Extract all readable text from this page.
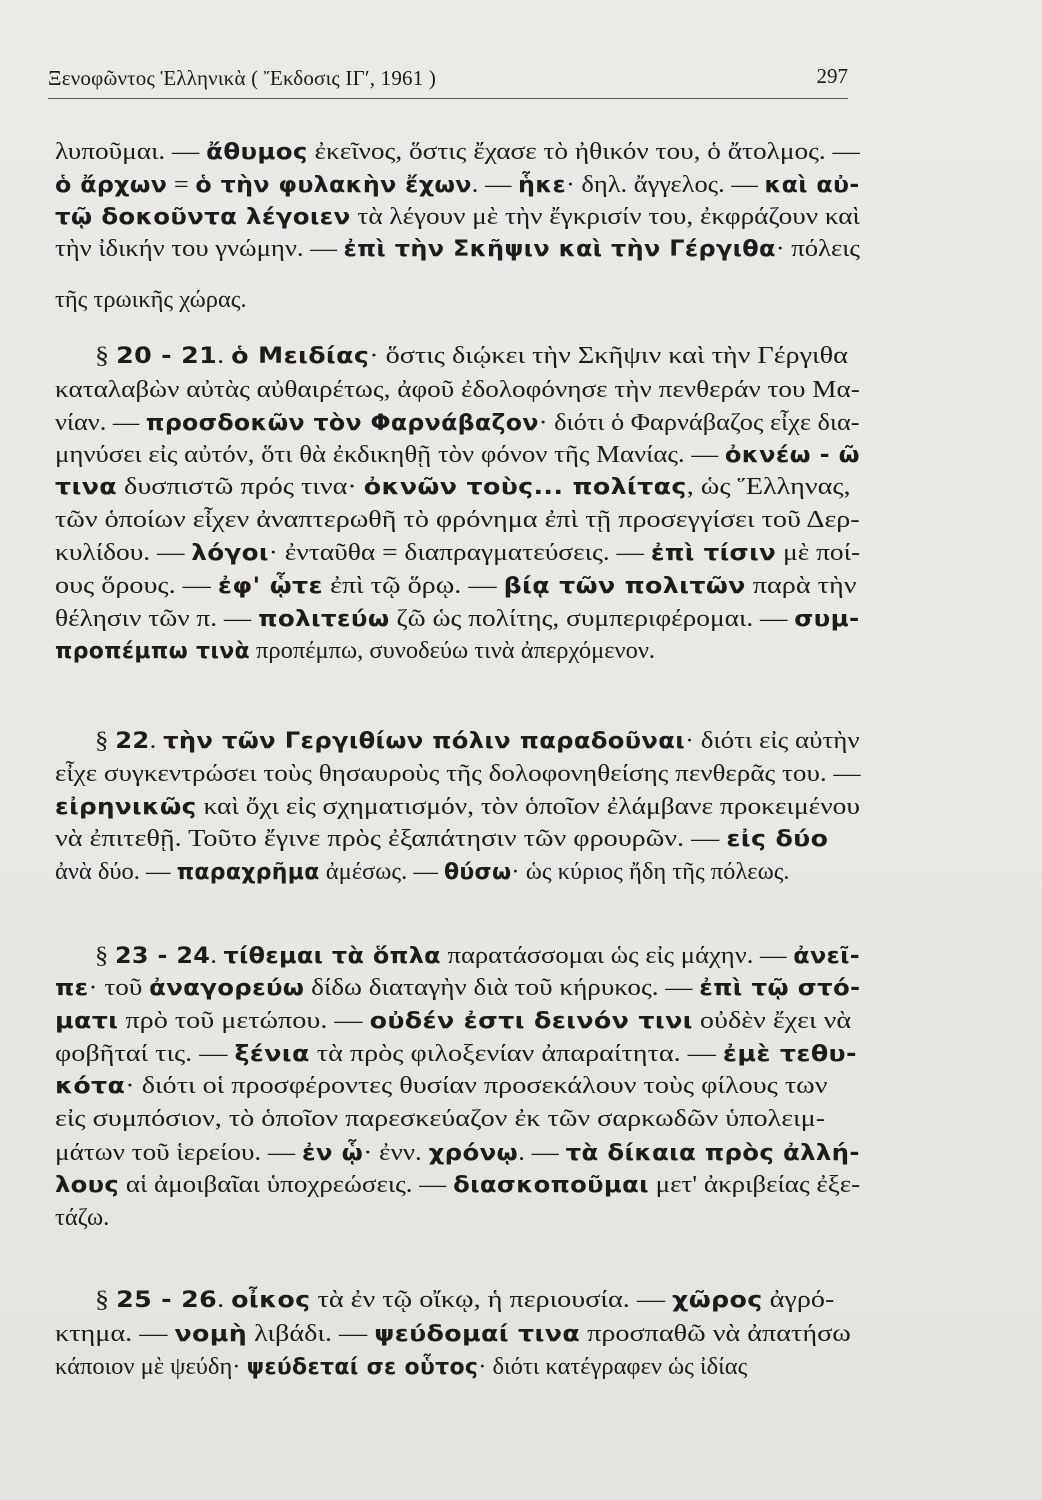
Ξενοφῶντος Ἑλληνικὰ ( Ἔκδοσις ΙΓʹ, 1961 )	297
λυποῦμαι. — ἄθυμος ἐκεῖνος, ὅστις ἔχασε τὸ ἠθικόν του, ὁ ἄτολμος. —
ὁ ἄρχων = ὁ τὴν φυλακὴν ἔχων. — ἧκε· δηλ. ἄγγελος. — καὶ αὐ-
τῷ δοκοῦντα λέγοιεν τὰ λέγουν μὲ τὴν ἔγκρισίν του, ἐκφράζουν καὶ
τὴν ἰδικήν του γνώμην. — ἐπὶ τὴν Σκῆψιν καὶ τὴν Γέργιθα· πόλεις
τῆς τρωικῆς χώρας.
§ 20 - 21. ὁ Μειδίας· ὅστις διῴκει τὴν Σκῆψιν καὶ τὴν Γέργιθα
καταλαβὼν αὐτὰς αὐθαιρέτως, ἀφοῦ ἐδολοφόνησε τὴν πενθεράν του Μα-
νίαν. — προσδοκῶν τὸν Φαρνάβαζον· διότι ὁ Φαρνάβαζος εἶχε δια-
μηνύσει εἰς αὐτόν, ὅτι θὰ ἐκδικηθῇ τὸν φόνον τῆς Μανίας. — ὀκνέω - ῶ
τινα δυσπιστῶ πρός τινα· ὀκνῶν τοὺς... πολίτας, ὡς Ἕλληνας,
τῶν ὁποίων εἶχεν ἀναπτερωθῆ τὸ φρόνημα ἐπὶ τῇ προσεγγίσει τοῦ Δερ-
κυλίδου. — λόγοι· ἐνταῦθα = διαπραγματεύσεις. — ἐπὶ τίσιν μὲ ποί-
ους ὅρους. — ἐφ' ᾧτε ἐπὶ τῷ ὅρῳ. — βίᾳ τῶν πολιτῶν παρὰ τὴν
θέλησιν τῶν π. — πολιτεύω ζῶ ὡς πολίτης, συμπεριφέρομαι. — συμ-
προπέμπω τινὰ προπέμπω, συνοδεύω τινὰ ἀπερχόμενον.
§ 22. τὴν τῶν Γεργιθίων πόλιν παραδοῦναι· διότι εἰς αὐτὴν
εἶχε συγκεντρώσει τοὺς θησαυροὺς τῆς δολοφονηθείσης πενθερᾶς του. —
εἰρηνικῶς καὶ ὄχι εἰς σχηματισμόν, τὸν ὁποῖον ἐλάμβανε προκειμένου
νὰ ἐπιτεθῇ. Τοῦτο ἔγινε πρὸς ἐξαπάτησιν τῶν φρουρῶν. — εἰς δύο
ἀνὰ δύο. — παραχρῆμα ἀμέσως. — θύσω· ὡς κύριος ἤδη τῆς πόλεως.
§ 23 - 24. τίθεμαι τὰ ὅπλα παρατάσσομαι ὡς εἰς μάχην. — ἀνεῖ-
πε· τοῦ ἀναγορεύω δίδω διαταγὴν διὰ τοῦ κήρυκος. — ἐπὶ τῷ στό-
ματι πρὸ τοῦ μετώπου. — οὐδέν ἐστι δεινόν τινι οὐδὲν ἔχει νὰ
φοβῆταί τις. — ξένια τὰ πρὸς φιλοξενίαν ἀπαραίτητα. — ἐμὲ τεθυ-
κότα· διότι οἱ προσφέροντες θυσίαν προσεκάλουν τοὺς φίλους των
εἰς συμπόσιον, τὸ ὁποῖον παρεσκεύαζον ἐκ τῶν σαρκωδῶν ὑπολειμ-
μάτων τοῦ ἱερείου. — ἐν ᾧ· ἐνν. χρόνῳ. — τὰ δίκαια πρὸς ἀλλή-
λους αἱ ἀμοιβαῖαι ὑποχρεώσεις. — διασκοποῦμαι μετ' ἀκριβείας ἐξε-
τάζω.
§ 25 - 26. οἶκος τὰ ἐν τῷ οἴκῳ, ἡ περιουσία. — χῶρος ἀγρό-
κτημα. — νομὴ λιβάδι. — ψεύδομαί τινα προσπαθῶ νὰ ἀπατήσω
κάποιον μὲ ψεύδη· ψεύδεταί σε οὗτος· διότι κατέγραφεν ὡς ἰδίας
